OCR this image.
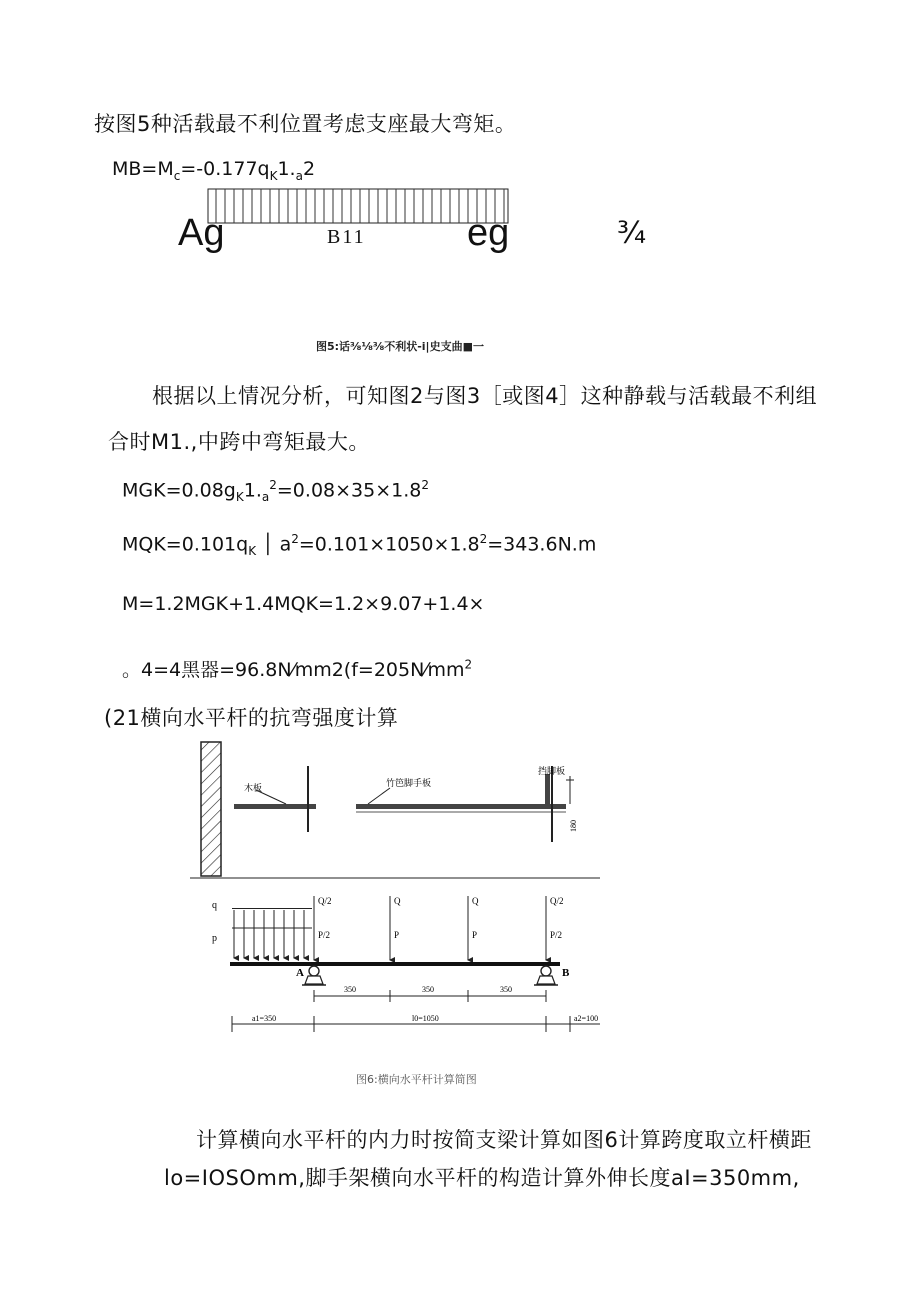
按图5种活载最不利位置考虑支座最大弯矩。
$MB=M_c=-0.177q_K1._a2$
Ag	B11	eg	¾
图5:话⅜⅛⅜不利状-i|史支曲■一
根据以上情况分析，可知图2与图3［或图4］这种静载与活载最不利组
合时M1.,中跨中弯矩最大。
$MGK=0.08g_K1._a^2=0.08\times 35\times 1.8^2$
$MQK=0.101q_K$ │ $a^2=0.101\times 1050\times 1.8^2=343.6N.m$
M=1.2MGK+1.4MQK=1.2×9.07+1.4×
。4=4黑器$=96.8N⁄mm2(f=205N⁄mm^2$
(21横向水平杆的抗弯强度计算
木板	竹笆脚手板
挡脚板
180
q
p
Q/2
P/2
Q
P
Q
P
Q/2
P/2
A	B
350	350	350
a1=350	l0=1050	a2=100
图6:横向水平杆计算简图
计算横向水平杆的内力时按简支梁计算如图6计算跨度取立杆横距
lo=IOSOmm,脚手架横向水平杆的构造计算外伸长度aI=350mm,
